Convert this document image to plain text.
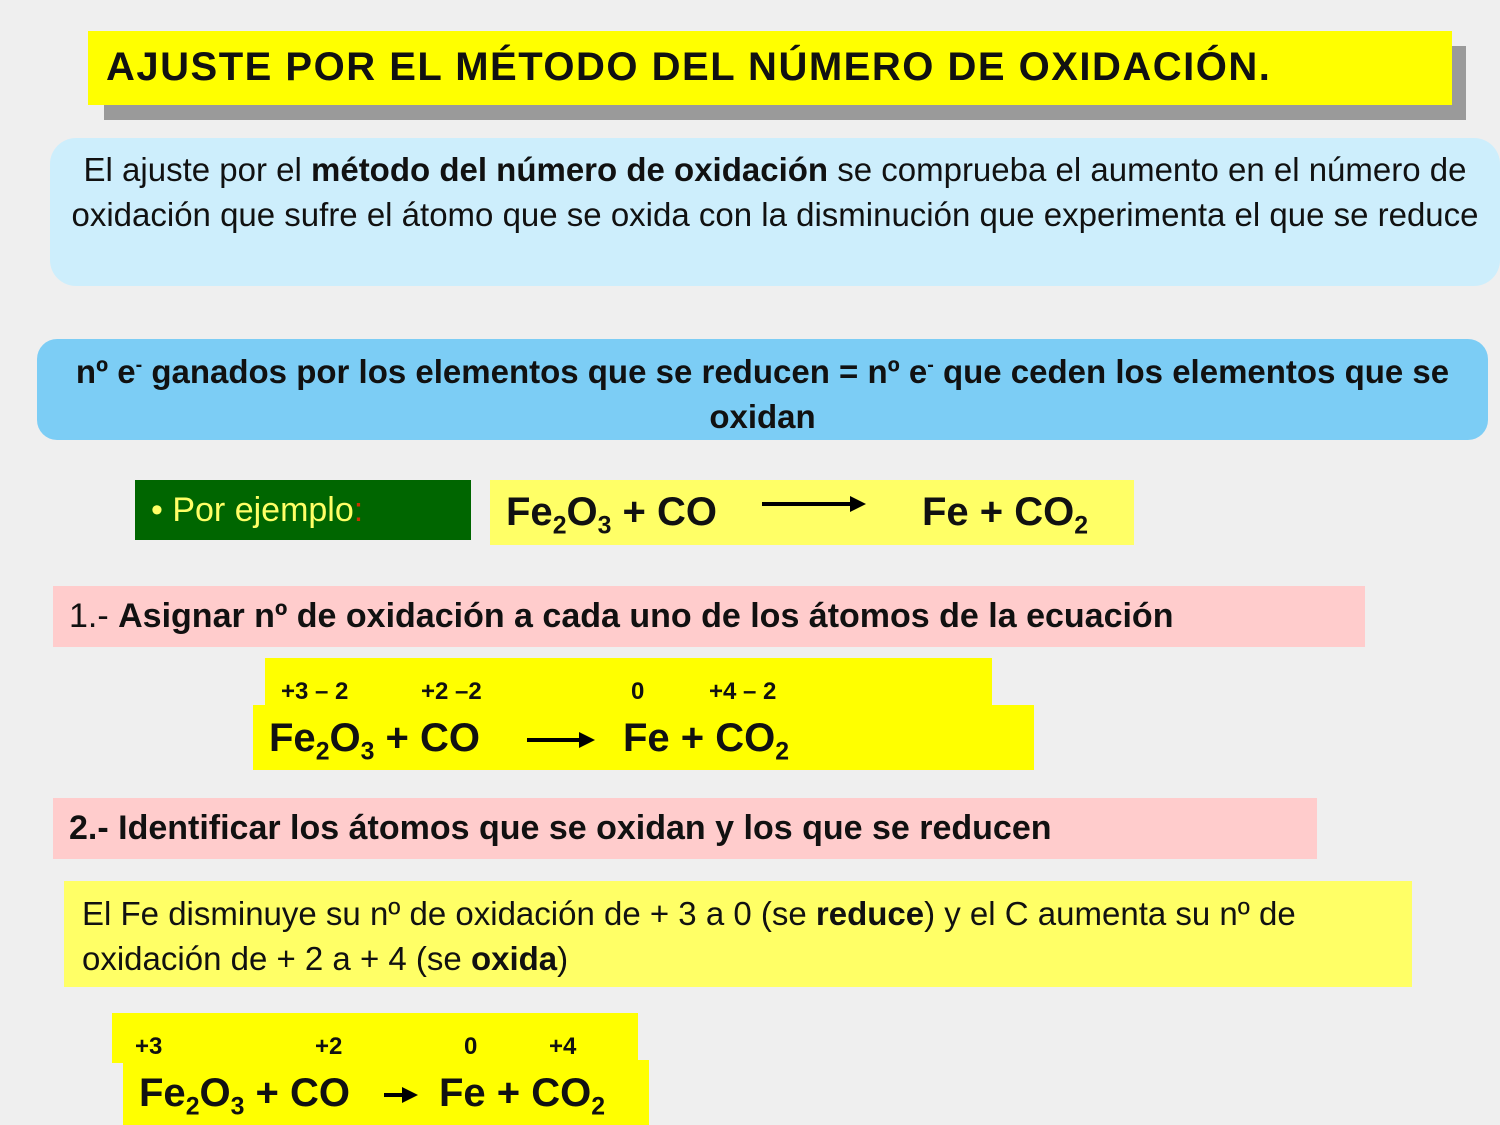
AJUSTE POR EL MÉTODO DEL NÚMERO DE OXIDACIÓN.
El ajuste por el método del número de oxidación se comprueba el aumento en el número de oxidación que sufre el átomo que se oxida con la disminución que experimenta el que se reduce
nº e- ganados por los elementos que se reducen = nº e- que ceden los elementos que se oxidan
• Por ejemplo:	$Fe_2O_3$ + CO → $Fe + CO_2$
1.- Asignar nº de oxidación a cada uno de los átomos de la ecuación
+3 – 2	+2 –2	0	+4 – 2
$Fe_2O_3$ + CO	$Fe + CO_2$
2.- Identificar los átomos que se oxidan y los que se reducen
El Fe disminuye su nº de oxidación de + 3 a 0 (se reduce) y el C aumenta su nº de oxidación de + 2 a + 4 (se oxida)
+3	+2	0	+4
$Fe_2O_3$ + CO $Fe + CO_2$
